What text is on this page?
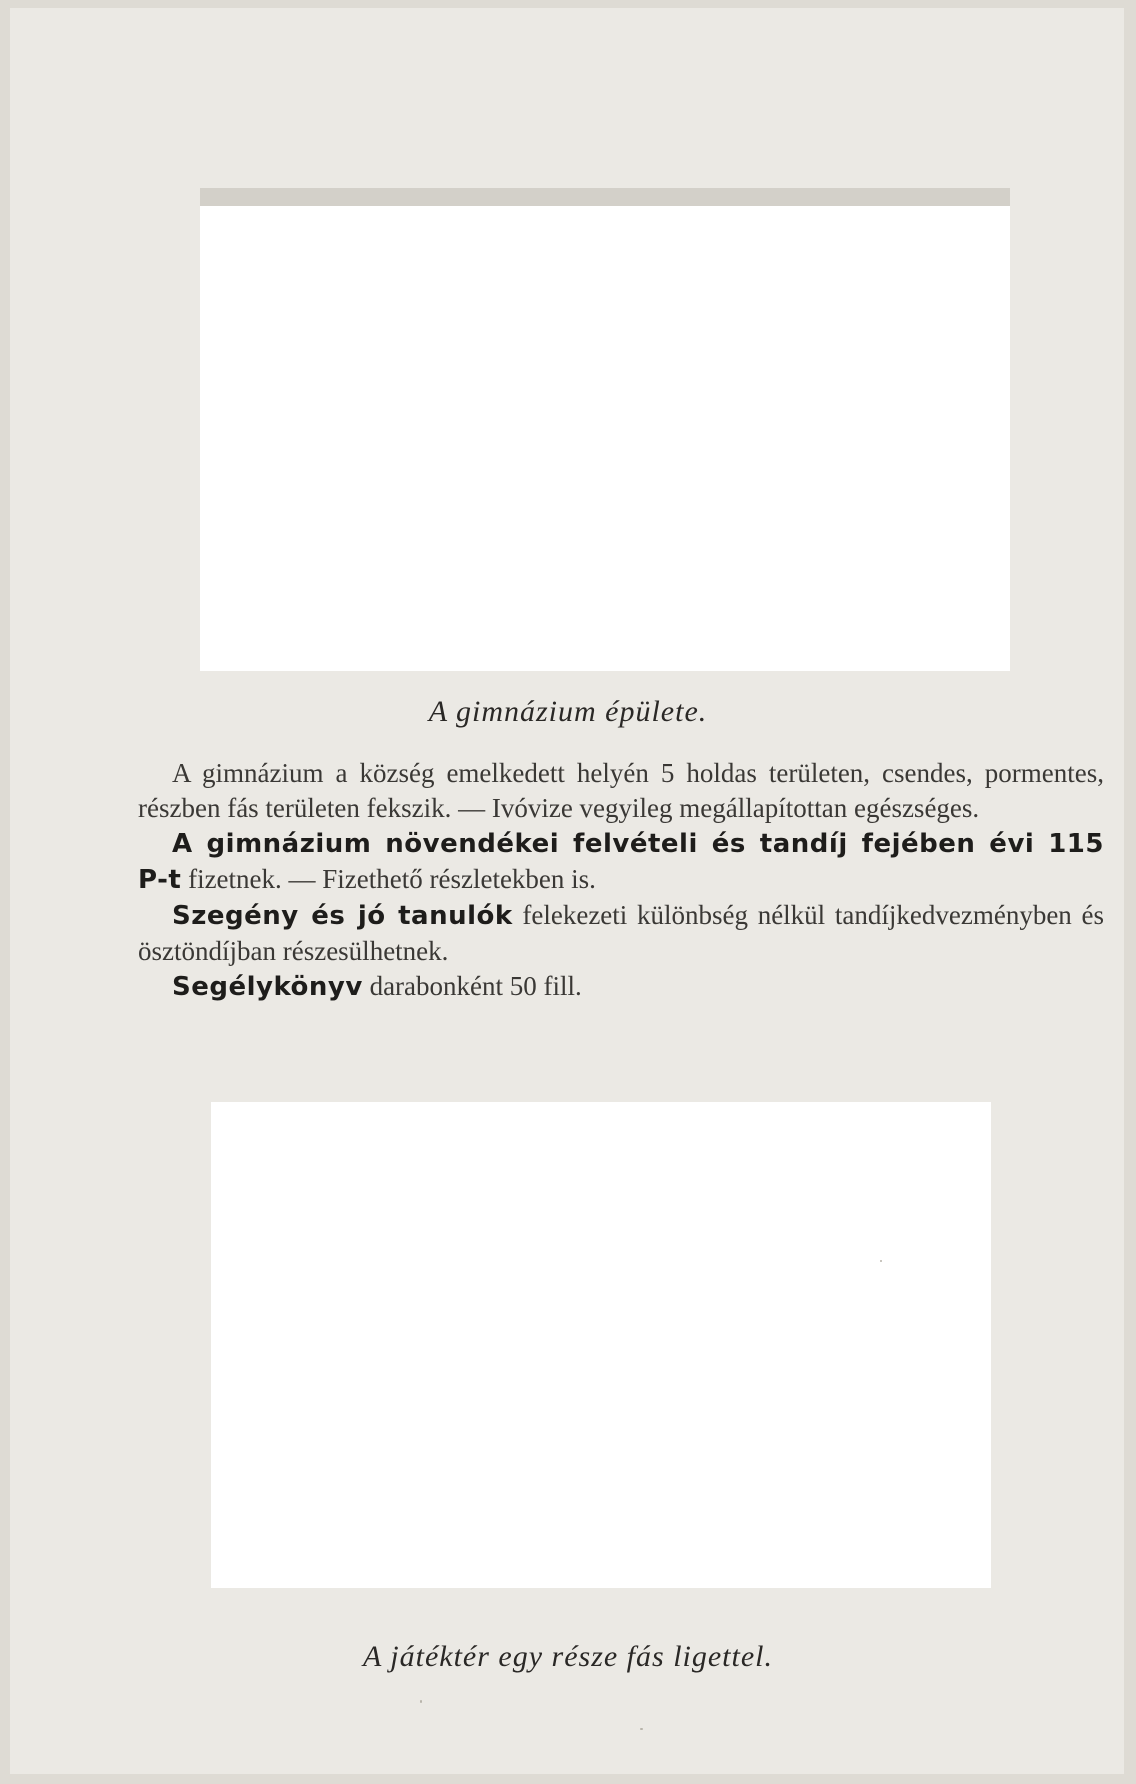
A gimnázium épülete.

A gimnázium a község emelkedett helyén 5 holdas területen, csendes, pormentes, részben fás területen fekszik. — Ivóvize vegyileg megállapítottan egészséges.

A gimnázium növendékei felvételi és tandíj fejében évi 115 P-t fizetnek. — Fizethető részletekben is.

Szegény és jó tanulók felekezeti különbség nélkül tandíjkedvezményben és ösztöndíjban részesülhetnek.

Segélykönyv darabonként 50 fill.

A játéktér egy része fás ligettel.
